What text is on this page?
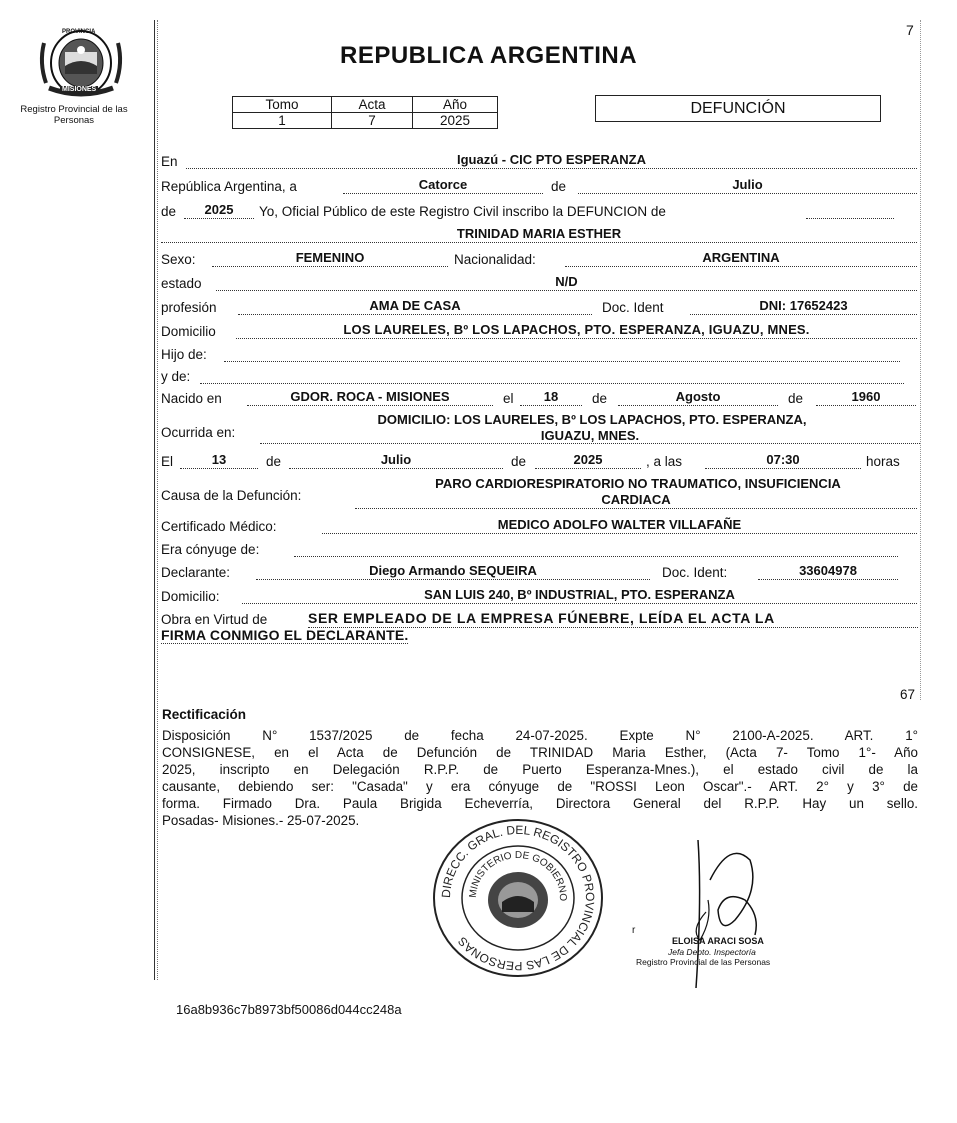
7
PROVINCIA
MISIONES
Registro Provincial de las Personas
REPUBLICA ARGENTINA
Tomo	Acta	Año
1	7	2025
DEFUNCIÓN
En	Iguazú - CIC PTO ESPERANZA
República Argentina, a	Catorce	de	Julio
de	2025	Yo, Oficial Público de este Registro Civil inscribo la DEFUNCION de
TRINIDAD MARIA ESTHER
Sexo:	FEMENINO	Nacionalidad:	ARGENTINA
estado	N/D
profesión	AMA DE CASA	Doc. Ident	DNI: 17652423
Domicilio	LOS LAURELES, Bº LOS LAPACHOS, PTO. ESPERANZA, IGUAZU, MNES.
Hijo de:
y de:
Nacido en	GDOR. ROCA - MISIONES	el	18	de	Agosto	de	1960
Ocurrida en:
DOMICILIO: LOS LAURELES, Bº LOS LAPACHOS, PTO. ESPERANZA,
IGUAZU, MNES.
El	13	de	Julio	de	2025	, a las	07:30	horas
Causa de la Defunción:
PARO CARDIORESPIRATORIO NO TRAUMATICO, INSUFICIENCIA
CARDIACA
Certificado Médico:	MEDICO ADOLFO WALTER VILLAFAÑE
Era cónyuge de:
Declarante:	Diego Armando SEQUEIRA	Doc. Ident:	33604978
Domicilio:	SAN LUIS 240, Bº INDUSTRIAL, PTO. ESPERANZA
Obra en Virtud de	SER EMPLEADO DE LA EMPRESA FÚNEBRE, LEÍDA EL ACTA LA
FIRMA CONMIGO EL DECLARANTE.
67
Rectificación
Disposición N° 1537/2025 de fecha 24-07-2025. Expte N° 2100-A-2025. ART. 1°
CONSIGNESE, en el Acta de Defunción de TRINIDAD Maria Esther, (Acta 7- Tomo 1°- Año
2025, inscripto en Delegación R.P.P. de Puerto Esperanza-Mnes.), el estado civil de la
causante, debiendo ser: "Casada" y era cónyuge de "ROSSI Leon Oscar".- ART. 2° y 3° de
forma. Firmado Dra. Paula Brigida Echeverría, Directora General del R.P.P. Hay un sello.
Posadas- Misiones.- 25-07-2025.
DIRECC. GRAL. DEL REGISTRO PROVINCIAL DE LAS PERSONAS
MINISTERIO DE GOBIERNO
r
ELOISA ARACI SOSA
Jefa Depto. Inspectoría
Registro Provincial de las Personas
16a8b936c7b8973bf50086d044cc248a
